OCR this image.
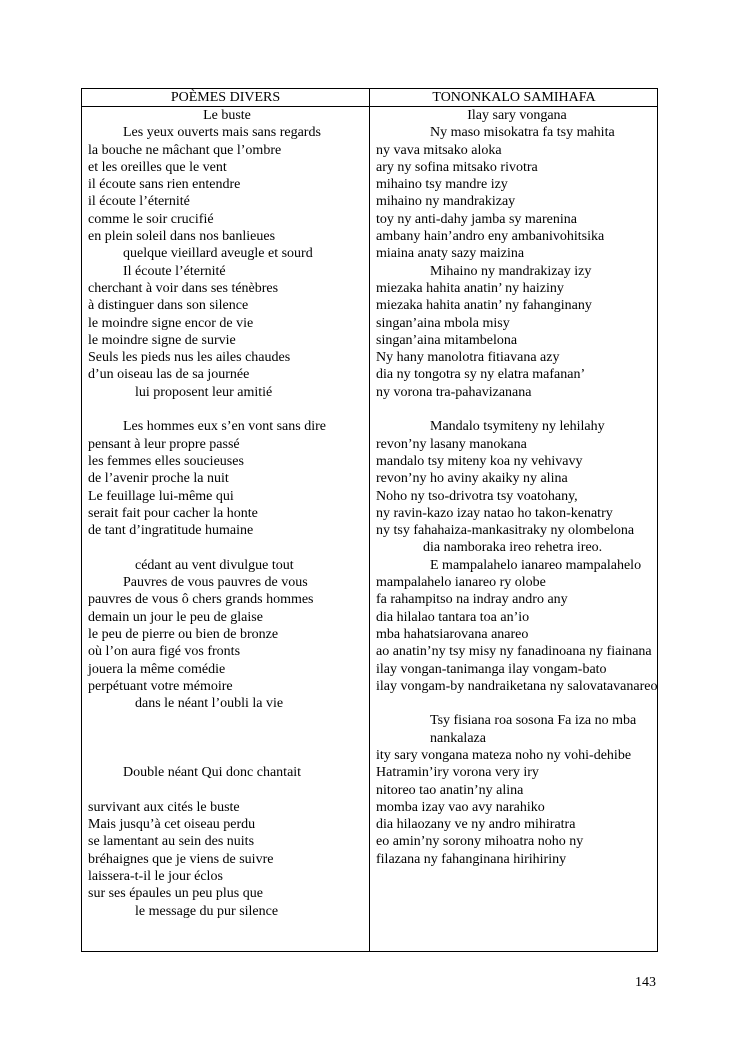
POÈMES DIVERS	TONONKALO SAMIHAFA
Le buste
Les yeux ouverts mais sans regards
la bouche ne mâchant que l’ombre
et les oreilles que le vent
il écoute sans rien entendre
il écoute l’éternité
comme le soir crucifié
en plein soleil dans nos banlieues
quelque vieillard aveugle et sourd
Il écoute l’éternité
cherchant à voir dans ses ténèbres
à distinguer dans son silence
le moindre signe encor de vie
le moindre signe de survie
Seuls les pieds nus les ailes chaudes
d’un oiseau las de sa journée
lui proposent leur amitié
Les hommes eux s’en vont sans dire
pensant à leur propre passé
les femmes elles soucieuses
de l’avenir proche la nuit
Le feuillage lui-même qui
serait fait pour cacher la honte
de tant d’ingratitude humaine
cédant au vent divulgue tout
Pauvres de vous pauvres de vous
pauvres de vous ô chers grands hommes
demain un jour le peu de glaise
le peu de pierre ou bien de bronze
où l’on aura figé vos fronts
jouera la même comédie
perpétuant votre mémoire
dans le néant l’oubli la vie
Double néant Qui donc chantait
survivant aux cités le buste
Mais jusqu’à cet oiseau perdu
se lamentant au sein des nuits
bréhaignes que je viens de suivre
laissera-t-il le jour éclos
sur ses épaules un peu plus que
le message du pur silence
Ilay sary vongana
Ny maso misokatra fa tsy mahita
ny vava mitsako aloka
ary ny sofina mitsako rivotra
mihaino tsy mandre izy
mihaino ny mandrakizay
toy ny anti-dahy jamba sy marenina
ambany hain’andro eny ambanivohitsika
miaina anaty sazy maizina
Mihaino ny mandrakizay izy
miezaka hahita anatin’ ny haiziny
miezaka hahita anatin’ ny fahanginany
singan’aina mbola misy
singan’aina mitambelona
Ny hany manolotra fitiavana azy
dia ny tongotra sy ny elatra mafanan’
ny vorona tra-pahavizanana
Mandalo tsymiteny ny lehilahy
revon’ny lasany manokana
mandalo tsy miteny koa ny vehivavy
revon’ny ho aviny akaiky ny alina
Noho ny tso-drivotra tsy voatohany,
ny ravin-kazo izay natao ho takon-kenatry
ny tsy fahahaiza-mankasitraky ny olombelona
dia namboraka ireo rehetra ireo.
E mampalahelo ianareo mampalahelo
mampalahelo ianareo ry olobe
fa rahampitso na indray andro any
dia hilalao tantara toa an’io
mba hahatsiarovana anareo
ao anatin’ny tsy misy ny fanadinoana ny fiainana
ilay vongan-tanimanga ilay vongam-bato
ilay vongam-by nandraiketana ny salovatavanareo
Tsy fisiana roa sosona Fa iza no mba nankalaza
ity sary vongana mateza noho ny vohi-dehibe
Hatramin’iry vorona very iry
nitoreo tao anatin’ny alina
momba izay vao avy narahiko
dia hilaozany ve ny andro mihiratra
eo amin’ny sorony mihoatra noho ny
filazana ny fahanginana hirihiriny
143
